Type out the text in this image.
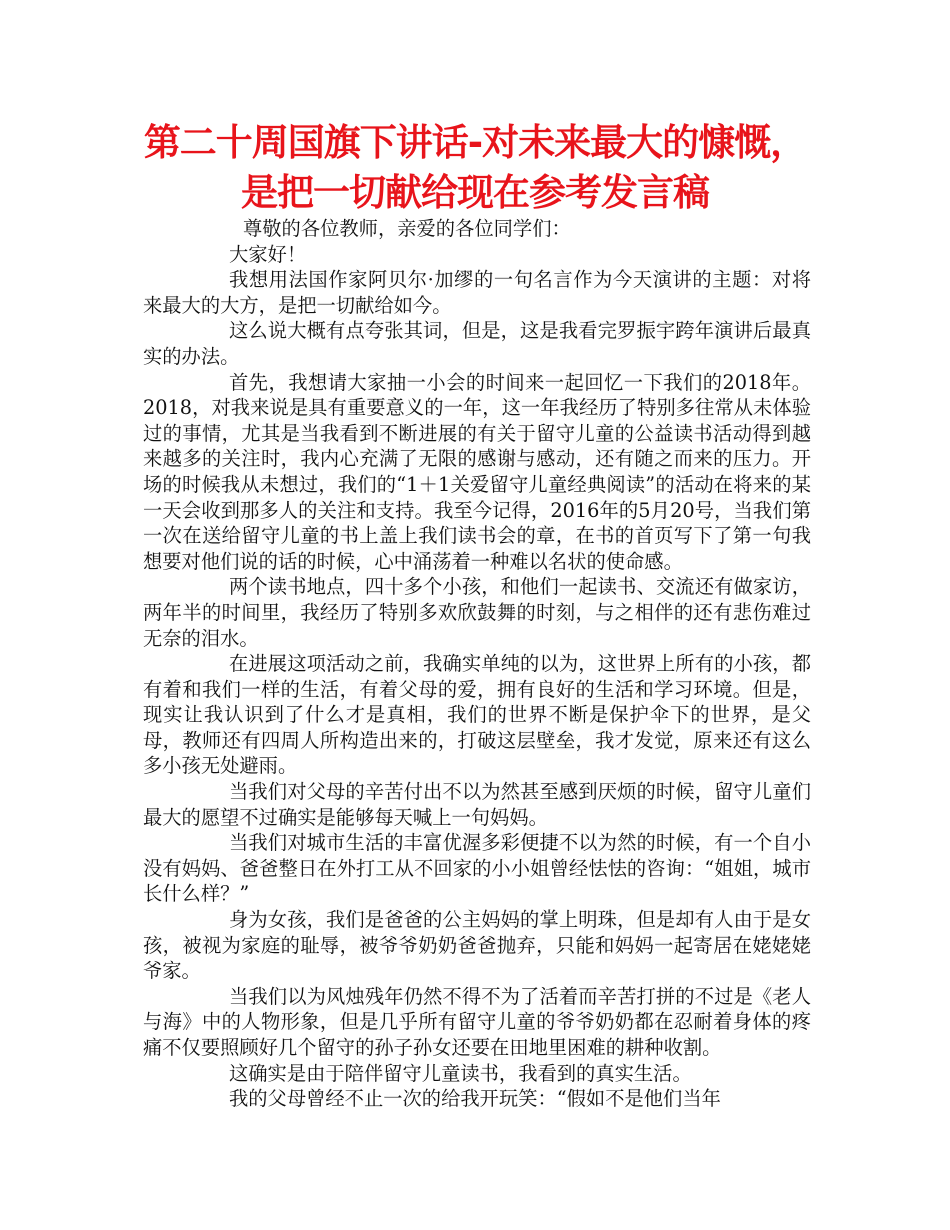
第二十周国旗下讲话-对未来最大的慷慨，
是把一切献给现在参考发言稿

尊敬的各位教师，亲爱的各位同学们：

大家好！

我想用法国作家阿贝尔·加缪的一句名言作为今天演讲的主题：对将来最大的大方，是把一切献给如今。

这么说大概有点夸张其词，但是，这是我看完罗振宇跨年演讲后最真实的办法。

首先，我想请大家抽一小会的时间来一起回忆一下我们的2018年。2018，对我来说是具有重要意义的一年，这一年我经历了特别多往常从未体验过的事情，尤其是当我看到不断进展的有关于留守儿童的公益读书活动得到越来越多的关注时，我内心充满了无限的感谢与感动，还有随之而来的压力。开场的时候我从未想过，我们的“1＋1关爱留守儿童经典阅读”的活动在将来的某一天会收到那多人的关注和支持。我至今记得，2016年的5月20号，当我们第一次在送给留守儿童的书上盖上我们读书会的章，在书的首页写下了第一句我想要对他们说的话的时候，心中涌荡着一种难以名状的使命感。

两个读书地点，四十多个小孩，和他们一起读书、交流还有做家访，两年半的时间里，我经历了特别多欢欣鼓舞的时刻，与之相伴的还有悲伤难过无奈的泪水。

在进展这项活动之前，我确实单纯的以为，这世界上所有的小孩，都有着和我们一样的生活，有着父母的爱，拥有良好的生活和学习环境。但是，现实让我认识到了什么才是真相，我们的世界不断是保护伞下的世界，是父母，教师还有四周人所构造出来的，打破这层壁垒，我才发觉，原来还有这么多小孩无处避雨。

当我们对父母的辛苦付出不以为然甚至感到厌烦的时候，留守儿童们最大的愿望不过确实是能够每天喊上一句妈妈。

当我们对城市生活的丰富优渥多彩便捷不以为然的时候，有一个自小没有妈妈、爸爸整日在外打工从不回家的小小姐曾经怯怯的咨询：“姐姐，城市长什么样？”

身为女孩，我们是爸爸的公主妈妈的掌上明珠，但是却有人由于是女孩，被视为家庭的耻辱，被爷爷奶奶爸爸抛弃，只能和妈妈一起寄居在姥姥姥爷家。

当我们以为风烛残年仍然不得不为了活着而辛苦打拼的不过是《老人与海》中的人物形象，但是几乎所有留守儿童的爷爷奶奶都在忍耐着身体的疼痛不仅要照顾好几个留守的孙子孙女还要在田地里困难的耕种收割。

这确实是由于陪伴留守儿童读书，我看到的真实生活。

我的父母曾经不止一次的给我开玩笑：“假如不是他们当年
